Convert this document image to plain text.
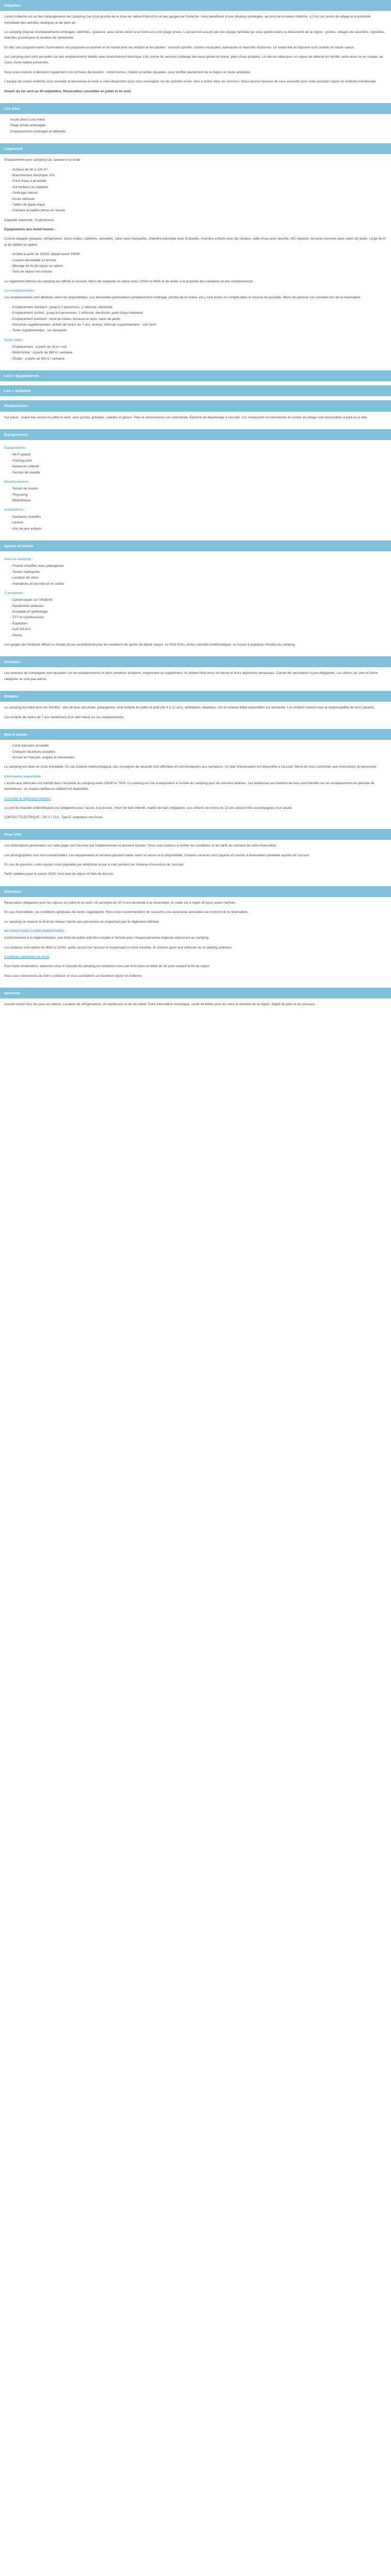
Situation

Loisirs Ardèche est un des hébergements de Camping-Car-Club proche de la zone de Vallon-Pont-d'Arc et des gorges de l'Ardèche. Vous bénéficiez d'une situation privilégiée, au bord de la rivière Ardèche, à 2 km du centre du village et à proximité immédiate des activités nautiques et de plein air.

Le camping dispose d'emplacements ombragés, délimités, spacieux, avec accès direct à la rivière et à une plage privée. L'accueil est assuré par une équipe familiale qui vous guidera dans la découverte de la région : grottes, villages de caractère, vignobles, marchés provençaux et sentiers de randonnée.

En été, une programmation d'animations est proposée en journée et en soirée pour les enfants et les adultes : tournois sportifs, soirées musicales, spectacles et marchés nocturnes. Le snack-bar et l'épicerie sont ouverts en haute saison.

Les camping-cars sont accueillis sur des emplacements dédiés avec branchement électrique 10A, borne de services (vidange des eaux grises et noires, plein d'eau potable). Le site est idéal pour un séjour de détente en famille, entre amis ou en couple, au coeur d'une nature préservée.

Nous vous invitons à découvrir également nos formules de location : mobil-homes, chalets et tentes équipées, pour profiter pleinement de la région en toute simplicité.

L'équipe de Loisirs Ardèche vous souhaite la bienvenue et reste à votre disposition pour vous renseigner sur les activités et les sites à visiter dans les environs. Nous serons heureux de vous accueillir pour votre prochain séjour en Ardèche méridionale.

Ouvert du 1er avril au 30 septembre. Réservation conseillée en juillet et en août.

Les plus
Accès direct à la rivière
Plage privée aménagée
Emplacements ombragés et délimités
Logement

Emplacement pour camping-car, caravane ou tente :

- Surface de 80 à 120 m²
- Branchement électrique 10A
- Point d'eau à proximité
- Sol herbeux ou stabilisé
- Ombrage naturel
- Accès véhicule
- Tables de pique-nique
- Animaux acceptés (tenus en laisse)

Capacité maximale : 6 personnes

Équipements des mobil-homes :

Cuisine équipée (plaques, réfrigérateur, micro-ondes, cafetière, vaisselle), salon avec banquette, chambre parentale avec lit double, chambre enfants avec lits simples, salle d'eau avec douche, WC séparés, terrasse couverte avec salon de jardin. Linge de lit et de toilette en option.

- Arrivée à partir de 15h00, départ avant 10h00
- Caution demandée à l'arrivée
- Ménage de fin de séjour en option
- Taxe de séjour non incluse

Le règlement intérieur du camping est affiché à l'accueil. Merci de respecter le calme entre 22h00 et 8h00 et de veiller à la propreté des sanitaires et des emplacements.

Les emplacements :

Les emplacements sont attribués selon les disponibilités. Les demandes particulières (emplacement ombragé, proche de la rivière, etc.) sont prises en compte dans la mesure du possible. Merci de préciser vos souhaits lors de la réservation.

- Emplacement standard : jusqu'à 2 personnes, 1 véhicule, électricité
- Emplacement confort : jusqu'à 6 personnes, 1 véhicule, électricité, point d'eau individuel
- Emplacement premium : bord de rivière, terrasse en bois, salon de jardin
- Personne supplémentaire, enfant de moins de 7 ans, animal, véhicule supplémentaire : voir tarifs
- Tente supplémentaire : sur demande
Tarifs 2024 :
- Emplacement : à partir de 18 € / nuit
- Mobil-home : à partir de 380 € / semaine
- Chalet : à partir de 450 € / semaine
Les + équipements
Les + activités
Restauration

Sur place : snack-bar ouvert en juillet et août, avec pizzas, grillades, salades et glaces. Pain et viennoiseries sur commande. Épicerie de dépannage à l'accueil. Les restaurants et commerces du centre du village sont accessibles à pied ou à vélo.

Équipements
Équipements :
- Wi-Fi gratuit
- Parking privé
- Barbecue collectif
- Service de navette
Divertissement :
- Terrain de boules
- Ping-pong
- Bibliothèque
Installations :
- Sanitaires chauffés
- Laverie
- Aire de jeux enfants
Sports et loisirs
Dans le camping :
- Piscine chauffée avec pataugeoire
- Terrain multisports
- Location de vélos
- Animations en journée et en soirée
À proximité :
- Canoë-kayak sur l'Ardèche
- Randonnée pédestre
- Escalade et spéléologie
- VTT et cyclotourisme
- Équitation
- Golf (15 km)
- Pêche

Les gorges de l'Ardèche offrent un terrain de jeu exceptionnel pour les amateurs de sports de pleine nature. Le Pont d'Arc, arche naturelle emblématique, se trouve à quelques minutes du camping.

Animaux

Les animaux de compagnie sont acceptés sur les emplacements et dans certaines locations, moyennant un supplément. Ils doivent être tenus en laisse et leurs déjections ramassées. Carnet de vaccination à jour obligatoire. Les chiens de 1ère et 2ème catégorie ne sont pas admis.

Enfants

Le camping est idéal pour les familles : aire de jeux sécurisée, pataugeoire, club enfants en juillet et août (de 4 à 12 ans), animations adaptées. Lits et chaises bébé disponibles sur demande. Les enfants restent sous la responsabilité de leurs parents.

Les enfants de moins de 7 ans bénéficient d'un tarif réduit sur les emplacements.

Bon à savoir
- Carte bancaire acceptée
- Chèques vacances acceptés
- Accueil en français, anglais et néerlandais

Le camping est situé en zone inondable. En cas d'alerte météorologique, des consignes de sécurité sont affichées et communiquées aux campeurs. Un plan d'évacuation est disponible à l'accueil. Merci de vous conformer aux instructions du personnel.

Information importante

L'accès aux véhicules est interdit dans l'enceinte du camping entre 23h00 et 7h00. Un parking est mis à disposition à l'entrée du camping pour les arrivées tardives. Les barbecues au charbon de bois sont interdits sur les emplacements en période de sécheresse ; un espace barbecue collectif est disponible.

Consulter le règlement intérieur

Le port du bracelet d'identification est obligatoire pour l'accès à la piscine. Short de bain interdit, maillot de bain obligatoire. Les enfants de moins de 12 ans doivent être accompagnés d'un adulte.

CONTACT ÉLECTRIQUE : 230 V / 10 A · Type E. Adaptateur non fourni.

Pour info

Les informations présentées sur cette page sont fournies par l'établissement et peuvent évoluer. Nous vous invitons à vérifier les conditions et les tarifs au moment de votre réservation.

Les photographies sont non contractuelles. Les équipements et services peuvent varier selon la saison et la disponibilité. Certains services sont payants et soumis à réservation préalable auprès de l'accueil.

En cas de question, notre équipe reste joignable par téléphone et par e-mail pendant les horaires d'ouverture de l'accueil.

Tarifs valables pour la saison 2024, hors taxe de séjour et frais de dossier.

Attention

Réservation obligatoire pour les séjours en juillet et en août. Un acompte de 30 % est demandé à la réservation, le solde est à régler 30 jours avant l'arrivée.

En cas d'annulation, les conditions générales de vente s'appliquent. Nous vous recommandons de souscrire une assurance annulation au moment de la réservation.

Le camping se réserve le droit de refuser l'accès aux personnes ne respectant pas le règlement intérieur.

INFORMATIONS COMPLÉMENTAIRES :

Conformément à la réglementation, une fiche de police doit être remplie à l'arrivée pour chaque personne majeure séjournant au camping.

Les visiteurs sont admis de 9h00 à 21h00, après accord de l'accueil et moyennant un droit d'entrée. Ils doivent garer leur véhicule sur le parking extérieur.

Conditions générales de vente

Pour toute réclamation, adressez-vous à l'accueil du camping ou contactez-nous par écrit dans un délai de 30 jours suivant la fin du séjour.

Nous vous remercions de votre confiance et vous souhaitons un excellent séjour en Ardèche.

Services

Accueil ouvert tous les jours en saison. Location de réfrigérateurs, de barbecues et de kits bébé. Point information touristique, vente de billets pour les sites et activités de la région. Dépôt de pain et de journaux.
